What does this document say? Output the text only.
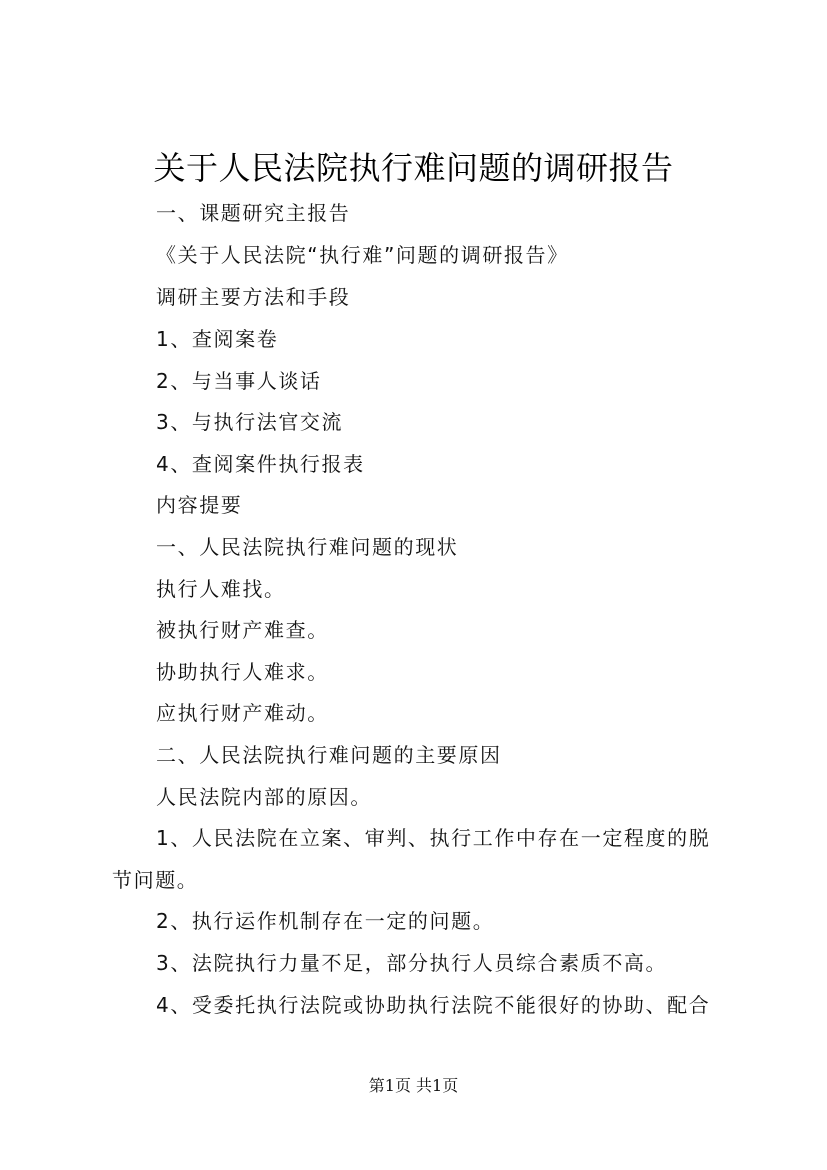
关于人民法院执行难问题的调研报告
一、课题研究主报告
《关于人民法院“执行难”问题的调研报告》
调研主要方法和手段
1、查阅案卷
2、与当事人谈话
3、与执行法官交流
4、查阅案件执行报表
内容提要
一、人民法院执行难问题的现状
执行人难找。
被执行财产难查。
协助执行人难求。
应执行财产难动。
二、人民法院执行难问题的主要原因
人民法院内部的原因。
1、人民法院在立案、审判、执行工作中存在一定程度的脱
节问题。
2、执行运作机制存在一定的问题。
3、法院执行力量不足，部分执行人员综合素质不高。
4、受委托执行法院或协助执行法院不能很好的协助、配合
第1页 共1页
